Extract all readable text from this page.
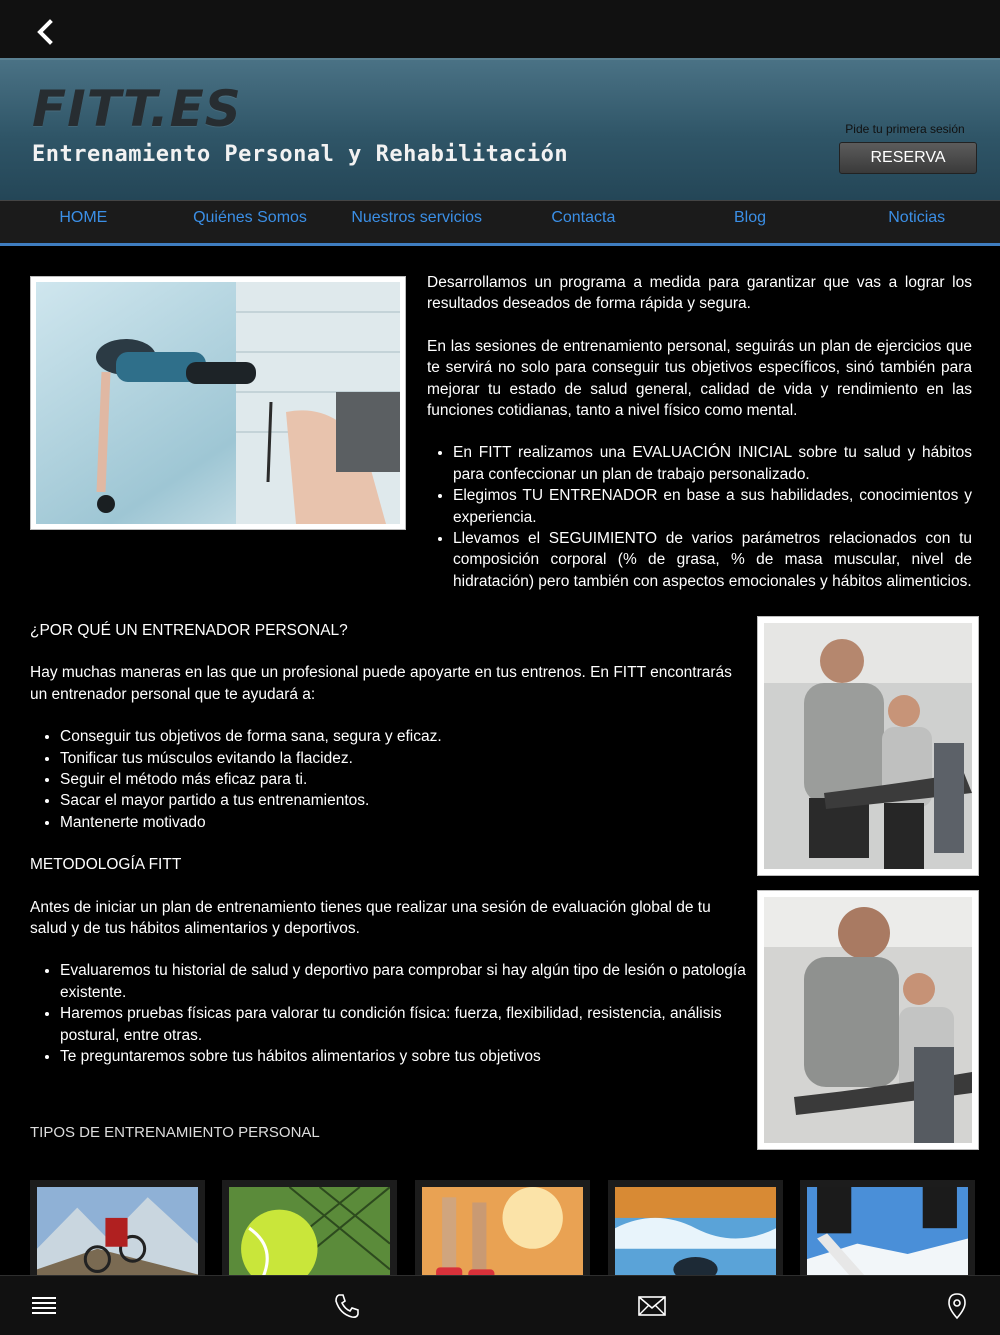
FITT.ES
Entrenamiento Personal y Rehabilitación
Pide tu primera sesión
RESERVA
HOME	Quiénes Somos	Nuestros servicios	Contacta	Blog	Noticias

Desarrollamos un programa a medida para garantizar que vas a lograr los resultados deseados de forma rápida y segura.

En las sesiones de entrenamiento personal, seguirás un plan de ejercicios que te servirá no solo para conseguir tus objetivos específicos, sinó también para mejorar tu estado de salud general, calidad de vida y rendimiento en las funciones cotidianas, tanto a nivel físico como mental.

• En FITT realizamos una EVALUACIÓN INICIAL sobre tu salud y hábitos para confeccionar un plan de trabajo personalizado.
• Elegimos TU ENTRENADOR en base a sus habilidades, conocimientos y experiencia.
• Llevamos el SEGUIMIENTO de varios parámetros relacionados con tu composición corporal (% de grasa, % de masa muscular, nivel de hidratación) pero también con aspectos emocionales y hábitos alimenticios.

¿POR QUÉ UN ENTRENADOR PERSONAL?

Hay muchas maneras en las que un profesional puede apoyarte en tus entrenos. En FITT encontrarás un entrenador personal que te ayudará a:

• Conseguir tus objetivos de forma sana, segura y eficaz.
• Tonificar tus músculos evitando la flacidez.
• Seguir el método más eficaz para ti.
• Sacar el mayor partido a tus entrenamientos.
• Mantenerte motivado

METODOLOGÍA FITT

Antes de iniciar un plan de entrenamiento tienes que realizar una sesión de evaluación global de tu salud y de tus hábitos alimentarios y deportivos.

• Evaluaremos tu historial de salud y deportivo para comprobar si hay algún tipo de lesión o patología existente.
• Haremos pruebas físicas para valorar tu condición física: fuerza, flexibilidad, resistencia, análisis postural, entre otras.
• Te preguntaremos sobre tus hábitos alimentarios y sobre tus objetivos
TIPOS DE ENTRENAMIENTO PERSONAL
